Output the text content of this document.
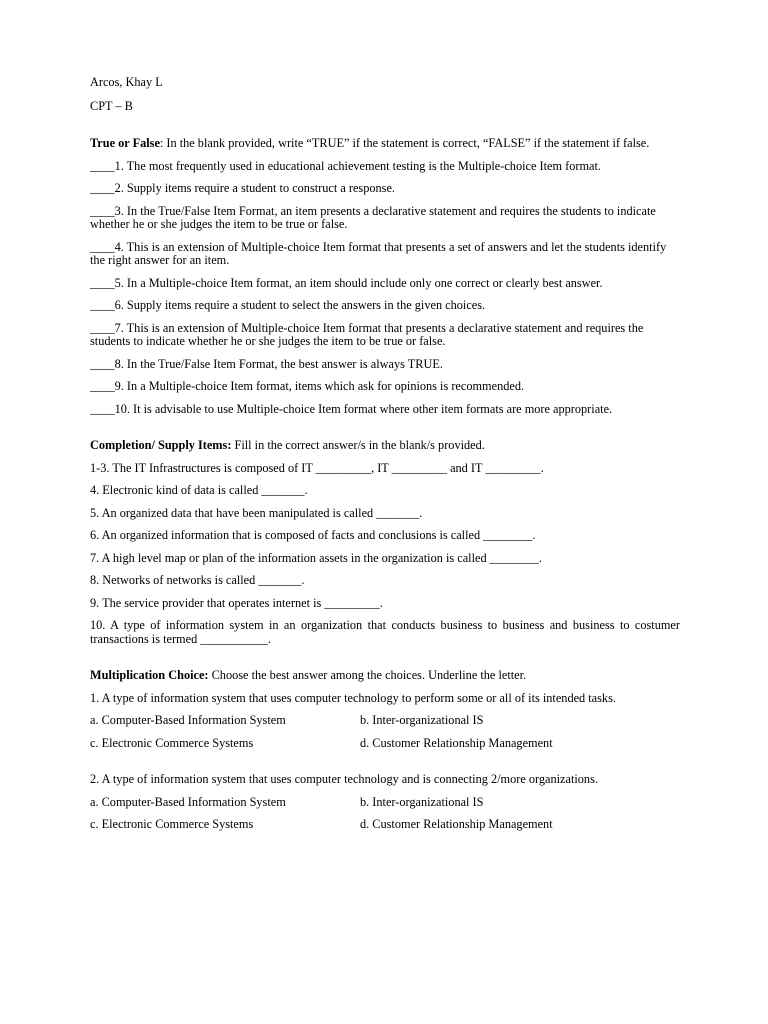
Arcos, Khay L

CPT – B

True or False: In the blank provided, write “TRUE” if the statement is correct, “FALSE” if the statement if false.

____1. The most frequently used in educational achievement testing is the Multiple-choice Item format.

____2. Supply items require a student to construct a response.

____3. In the True/False Item Format, an item presents a declarative statement and requires the students to indicate whether he or she judges the item to be true or false.

____4. This is an extension of Multiple-choice Item format that presents a set of answers and let the students identify the right answer for an item.

____5. In a Multiple-choice Item format, an item should include only one correct or clearly best answer.

____6. Supply items require a student to select the answers in the given choices.

____7. This is an extension of Multiple-choice Item format that presents a declarative statement and requires the students to indicate whether he or she judges the item to be true or false.

____8. In the True/False Item Format, the best answer is always TRUE.

____9. In a Multiple-choice Item format, items which ask for opinions is recommended.

____10. It is advisable to use Multiple-choice Item format where other item formats are more appropriate.

Completion/ Supply Items: Fill in the correct answer/s in the blank/s provided.

1-3. The IT Infrastructures is composed of IT _________, IT _________ and IT _________.

4. Electronic kind of data is called _______.

5. An organized data that have been manipulated is called _______.

6. An organized information that is composed of facts and conclusions is called ________.

7. A high level map or plan of the information assets in the organization is called ________.

8. Networks of networks is called _______.

9. The service provider that operates internet is _________.

10. A type of information system in an organization that conducts business to business and business to costumer transactions is termed ___________.

Multiplication Choice: Choose the best answer among the choices. Underline the letter.

1. A type of information system that uses computer technology to perform some or all of its intended tasks.

a. Computer-Based Information System	b. Inter-organizational IS
c. Electronic Commerce Systems	d. Customer Relationship Management

2. A type of information system that uses computer technology and is connecting 2/more organizations.

a. Computer-Based Information System	b. Inter-organizational IS
c. Electronic Commerce Systems	d. Customer Relationship Management
